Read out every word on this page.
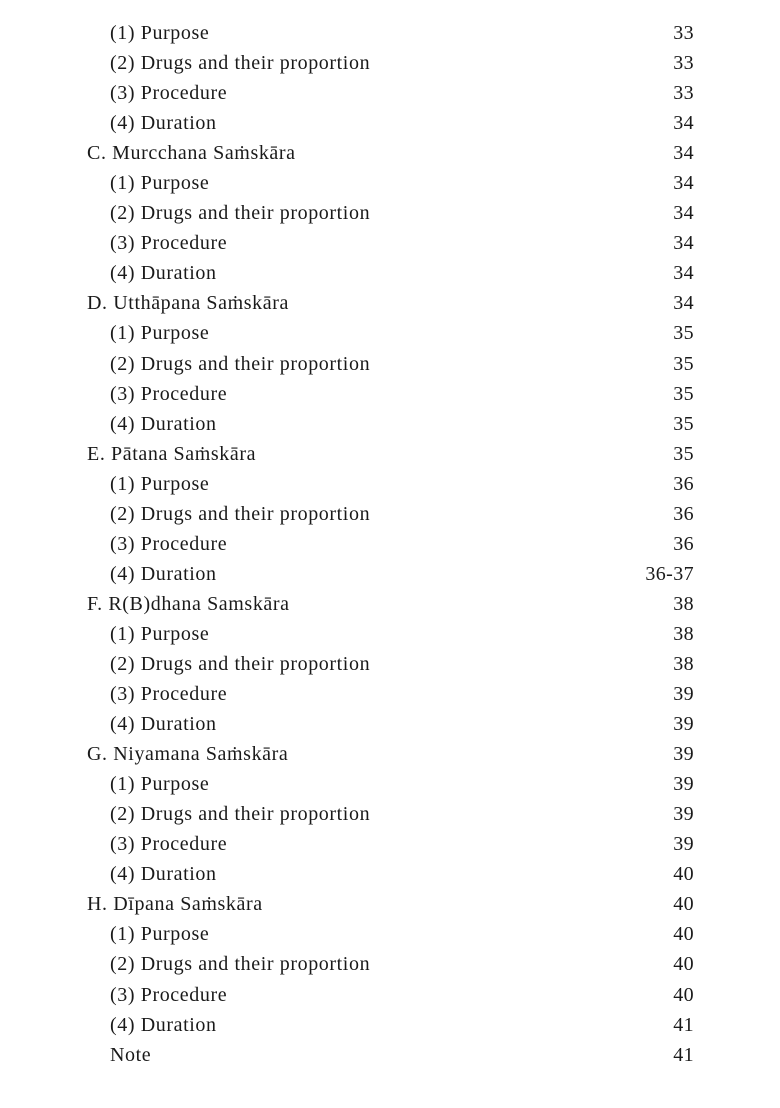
(1) Purpose	33
(2) Drugs and their proportion	33
(3) Procedure	33
(4) Duration	34
C. Murcchana Saṁskāra	34
(1) Purpose	34
(2) Drugs and their proportion	34
(3) Procedure	34
(4) Duration	34
D. Utthāpana Saṁskāra	34
(1) Purpose	35
(2) Drugs and their proportion	35
(3) Procedure	35
(4) Duration	35
E. Pātana Saṁskāra	35
(1) Purpose	36
(2) Drugs and their proportion	36
(3) Procedure	36
(4) Duration	36-37
F. R(B)dhana Samskāra	38
(1) Purpose	38
(2) Drugs and their proportion	38
(3) Procedure	39
(4) Duration	39
G. Niyamana Saṁskāra	39
(1) Purpose	39
(2) Drugs and their proportion	39
(3) Procedure	39
(4) Duration	40
H. Dīpana Saṁskāra	40
(1) Purpose	40
(2) Drugs and their proportion	40
(3) Procedure	40
(4) Duration	41
Note	41
